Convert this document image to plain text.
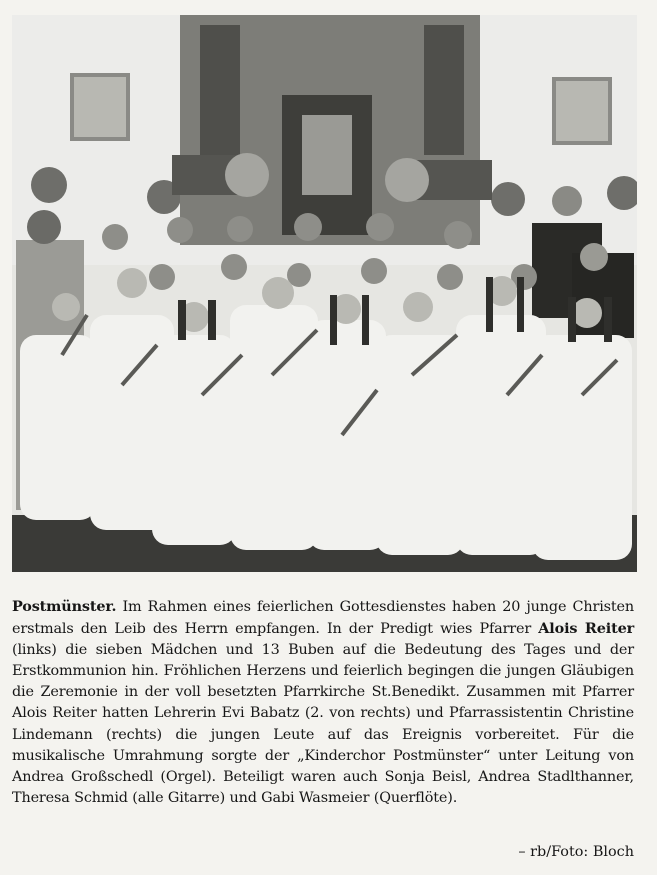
Postmünster. Im Rahmen eines feierlichen Gottesdienstes haben 20 junge Christen erstmals den Leib des Herrn empfangen. In der Predigt wies Pfarrer Alois Reiter (links) die sieben Mädchen und 13 Buben auf die Bedeutung des Tages und der Erstkommunion hin. Fröhlichen Herzens und feierlich begingen die jungen Gläubigen die Zeremonie in der voll besetzten Pfarrkirche St.Benedikt. Zusammen mit Pfarrer Alois Reiter hatten Lehrerin Evi Babatz (2. von rechts) und Pfarrassistentin Christine Lindemann (rechts) die jungen Leute auf das Ereignis vorbereitet. Für die musikalische Umrahmung sorgte der „Kinderchor Postmünster“ unter Leitung von Andrea Großschedl (Orgel). Beteiligt waren auch Sonja Beisl, Andrea Stadlthanner, Theresa Schmid (alle Gitarre) und Gabi Wasmeier (Querflöte).
– rb/Foto: Bloch
